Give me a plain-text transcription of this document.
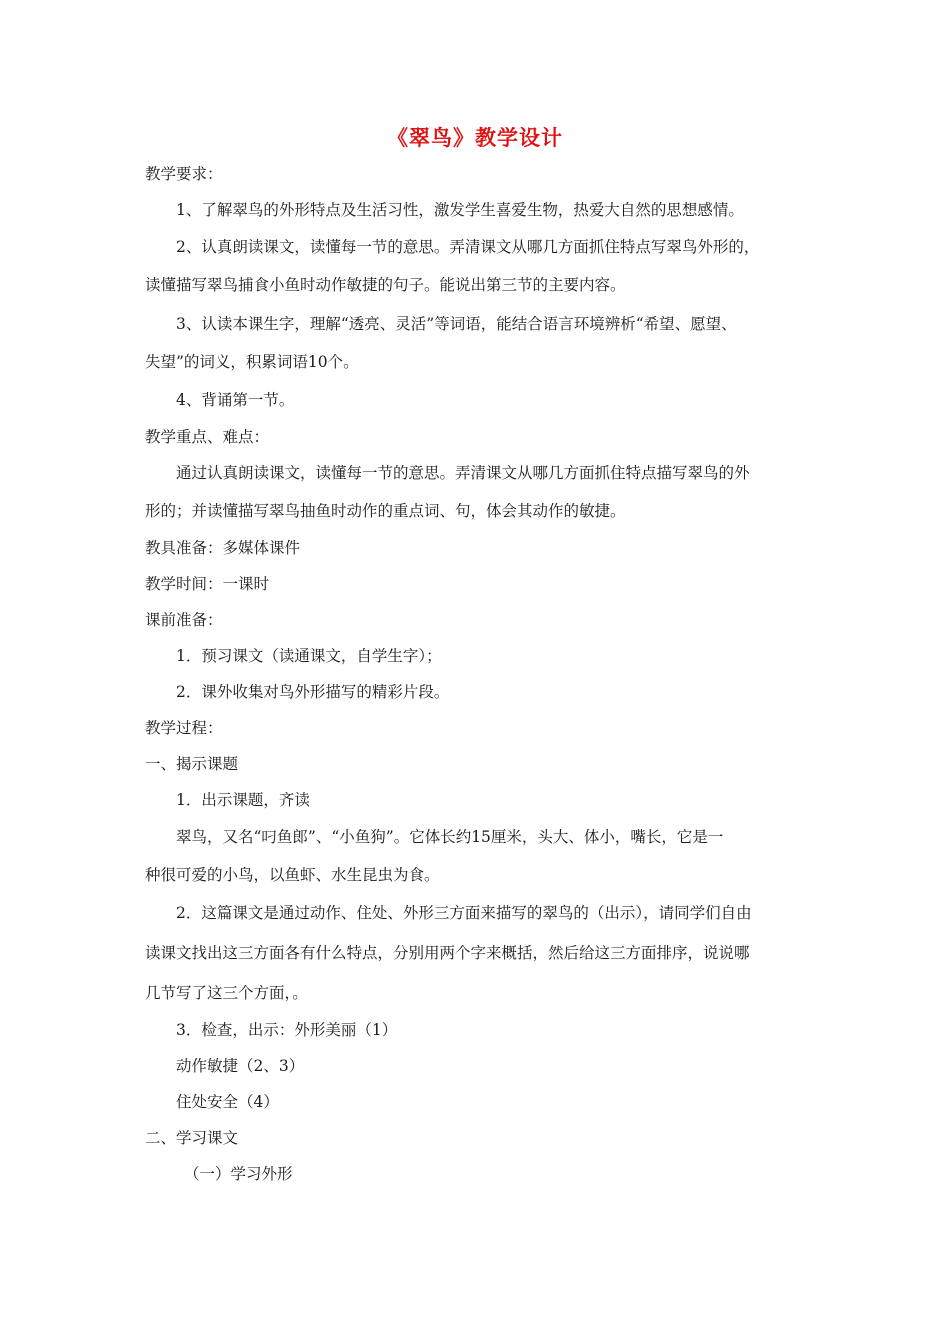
《翠鸟》教学设计
教学要求：
1、了解翠鸟的外形特点及生活习性，激发学生喜爱生物，热爱大自然的思想感情。
2、认真朗读课文，读懂每一节的意思。弄清课文从哪几方面抓住特点写翠鸟外形的，
读懂描写翠鸟捕食小鱼时动作敏捷的句子。能说出第三节的主要内容。
3、认读本课生字，理解“透亮、灵活”等词语，能结合语言环境辨析“希望、愿望、
失望”的词义，积累词语10个。
4、背诵第一节。
教学重点、难点：
通过认真朗读课文，读懂每一节的意思。弄清课文从哪几方面抓住特点描写翠鸟的外
形的；并读懂描写翠鸟抽鱼时动作的重点词、句，体会其动作的敏捷。
教具准备：多媒体课件
教学时间：一课时
课前准备：
1．预习课文（读通课文，自学生字）；
2．课外收集对鸟外形描写的精彩片段。
教学过程：
一、揭示课题
1．出示课题，齐读
翠鸟，又名“叼鱼郎”、“小鱼狗”。它体长约15厘米，头大、体小，嘴长，它是一
种很可爱的小鸟，以鱼虾、水生昆虫为食。
2．这篇课文是通过动作、住处、外形三方面来描写的翠鸟的（出示），请同学们自由
读课文找出这三方面各有什么特点，分别用两个字来概括，然后给这三方面排序，说说哪
几节写了这三个方面，。
3．检查，出示：外形美丽（1）
动作敏捷（2、3）
住处安全（4）
二、学习课文
（一）学习外形
